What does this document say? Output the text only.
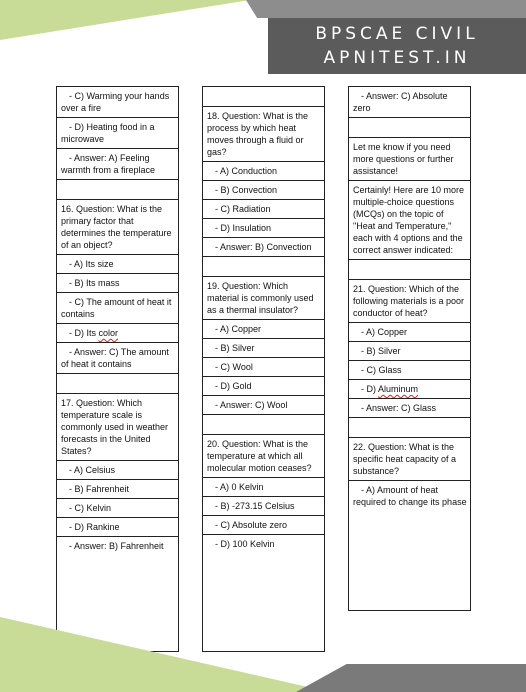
BPSCAE CIVIL
APNITEST.IN
- C) Warming your hands over a fire
- D) Heating food in a microwave
- Answer: A) Feeling warmth from a fireplace
16. Question: What is the primary factor that determines the temperature of an object?
- A) Its size
- B) Its mass
- C) The amount of heat it contains
- D) Its color
- Answer: C) The amount of heat it contains
17. Question: Which temperature scale is commonly used in weather forecasts in the United States?
- A) Celsius
- B) Fahrenheit
- C) Kelvin
- D) Rankine
- Answer: B) Fahrenheit
18. Question: What is the process by which heat moves through a fluid or gas?
- A) Conduction
- B) Convection
- C) Radiation
- D) Insulation
- Answer: B) Convection
19. Question: Which material is commonly used as a thermal insulator?
- A) Copper
- B) Silver
- C) Wool
- D) Gold
- Answer: C) Wool
20. Question: What is the temperature at which all molecular motion ceases?
- A) 0 Kelvin
- B) -273.15 Celsius
- C) Absolute zero
- D) 100 Kelvin
- Answer: C) Absolute zero
Let me know if you need more questions or further assistance!
Certainly! Here are 10 more multiple-choice questions (MCQs) on the topic of "Heat and Temperature," each with 4 options and the correct answer indicated:
21. Question: Which of the following materials is a poor conductor of heat?
- A) Copper
- B) Silver
- C) Glass
- D) Aluminum
- Answer: C) Glass
22. Question: What is the specific heat capacity of a substance?
- A) Amount of heat required to change its phase
